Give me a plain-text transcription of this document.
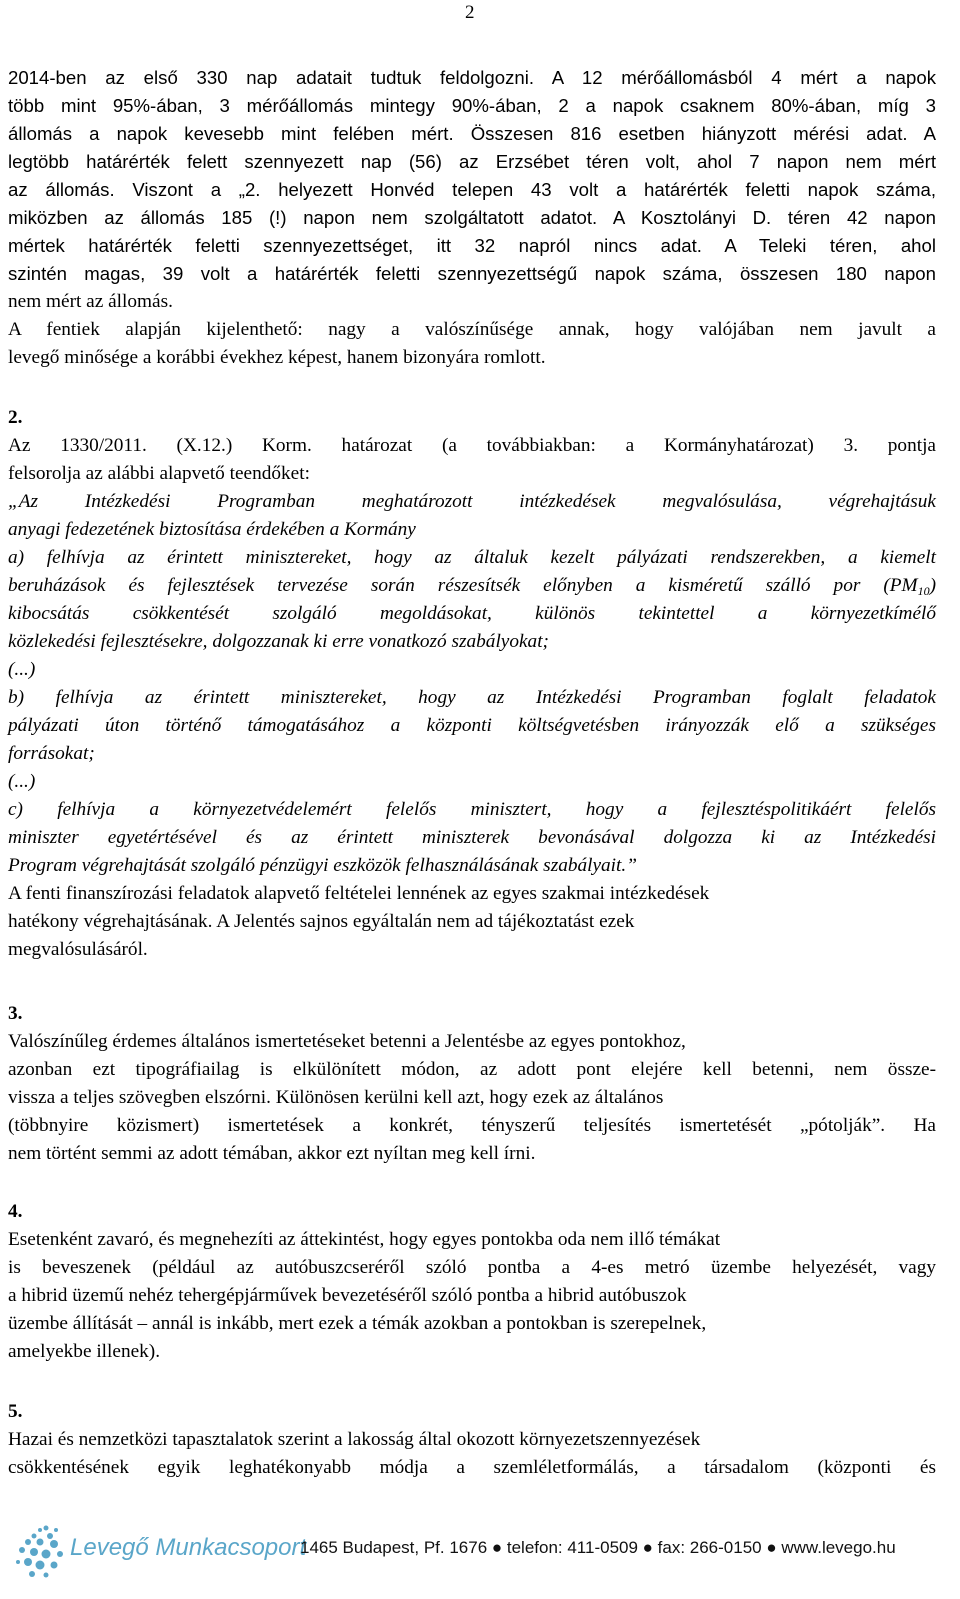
2
2014-ben az első 330 nap adatait tudtuk feldolgozni. A 12 mérőállomásból 4 mért a napok
több mint 95%-ában, 3 mérőállomás mintegy 90%-ában, 2 a napok csaknem 80%-ában, míg 3
állomás a napok kevesebb mint felében mért. Összesen 816 esetben hiányzott mérési adat. A
legtöbb határérték felett szennyezett nap (56) az Erzsébet téren volt, ahol 7 napon nem mért
az állomás. Viszont a „2. helyezett Honvéd telepen 43 volt a határérték feletti napok száma,
miközben az állomás 185 (!) napon nem szolgáltatott adatot. A Kosztolányi D. téren 42 napon
mértek határérték feletti szennyezettséget, itt 32 napról nincs adat. A Teleki téren, ahol
szintén magas, 39 volt a határérték feletti szennyezettségű napok száma, összesen 180 napon
nem mért az állomás.
A fentiek alapján kijelenthető: nagy a valószínűsége annak, hogy valójában nem javult a
levegő minősége a korábbi évekhez képest, hanem bizonyára romlott.
2.
Az 1330/2011. (X.12.) Korm. határozat (a továbbiakban: a Kormányhatározat) 3. pontja
felsorolja az alábbi alapvető teendőket:
„Az Intézkedési Programban meghatározott intézkedések megvalósulása, végrehajtásuk
anyagi fedezetének biztosítása érdekében a Kormány
a) felhívja az érintett minisztereket, hogy az általuk kezelt pályázati rendszerekben, a kiemelt
beruházások és fejlesztések tervezése során részesítsék előnyben a kisméretű szálló por $(PM_{10})$
kibocsátás csökkentését szolgáló megoldásokat, különös tekintettel a környezetkímélő
közlekedési fejlesztésekre, dolgozzanak ki erre vonatkozó szabályokat;
(...)
b) felhívja az érintett minisztereket, hogy az Intézkedési Programban foglalt feladatok
pályázati úton történő támogatásához a központi költségvetésben irányozzák elő a szükséges
forrásokat;
(...)
c) felhívja a környezetvédelemért felelős minisztert, hogy a fejlesztéspolitikáért felelős
miniszter egyetértésével és az érintett miniszterek bevonásával dolgozza ki az Intézkedési
Program végrehajtását szolgáló pénzügyi eszközök felhasználásának szabályait.”
A fenti finanszírozási feladatok alapvető feltételei lennének az egyes szakmai intézkedések
hatékony végrehajtásának. A Jelentés sajnos egyáltalán nem ad tájékoztatást ezek
megvalósulásáról.
3.
Valószínűleg érdemes általános ismertetéseket betenni a Jelentésbe az egyes pontokhoz,
azonban ezt tipográfiailag is elkülönített módon, az adott pont elejére kell betenni, nem össze-
vissza a teljes szövegben elszórni. Különösen kerülni kell azt, hogy ezek az általános
(többnyire közismert) ismertetések a konkrét, tényszerű teljesítés ismertetését „pótolják”. Ha
nem történt semmi az adott témában, akkor ezt nyíltan meg kell írni.
4.
Esetenként zavaró, és megnehezíti az áttekintést, hogy egyes pontokba oda nem illő témákat
is beveszenek (például az autóbuszcseréről szóló pontba a 4-es metró üzembe helyezését, vagy
a hibrid üzemű nehéz tehergépjárművek bevezetéséről szóló pontba a hibrid autóbuszok
üzembe állítását – annál is inkább, mert ezek a témák azokban a pontokban is szerepelnek,
amelyekbe illenek).
5.
Hazai és nemzetközi tapasztalatok szerint a lakosság által okozott környezetszennyezések
csökkentésének egyik leghatékonyabb módja a szemléletformálás, a társadalom (központi és
Levegő Munkacsoport
1465 Budapest, Pf. 1676 ● telefon: 411-0509 ● fax: 266-0150 ● www.levego.hu
